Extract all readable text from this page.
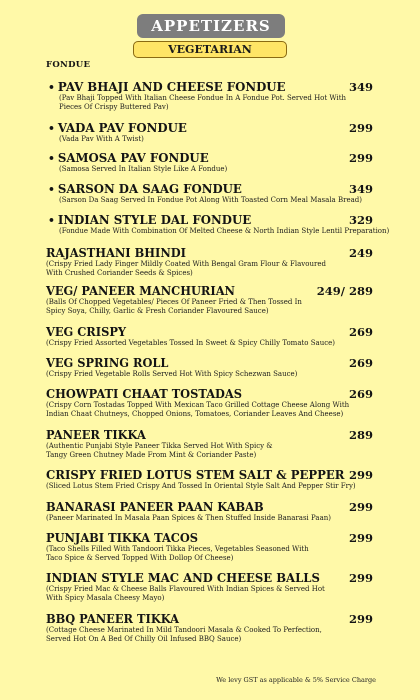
APPETIZERS
VEGETARIAN
FONDUE
• PAV BHAJI AND CHEESE FONDUE	349
(Pav Bhaji Topped With Italian Cheese Fondue In A Fondue Pot. Served Hot With
Pieces Of Crispy Buttered Pav)
• VADA PAV FONDUE	299
(Vada Pav With A Twist)
• SAMOSA PAV FONDUE	299
(Samosa Served In Italian Style Like A Fondue)
• SARSON DA SAAG FONDUE	349
(Sarson Da Saag Served In Fondue Pot Along With Toasted Corn Meal Masala Bread)
• INDIAN STYLE DAL FONDUE	329
(Fondue Made With Combination Of Melted Cheese & North Indian Style Lentil Preparation)
RAJASTHANI BHINDI	249
(Crispy Fried Lady Finger Mildly Coated With Bengal Gram Flour & Flavoured
With Crushed Coriander Seeds & Spices)
VEG/ PANEER MANCHURIAN	249/ 289
(Balls Of Chopped Vegetables/ Pieces Of Paneer Fried & Then Tossed In
Spicy Soya, Chilly, Garlic & Fresh Coriander Flavoured Sauce)
VEG CRISPY	269
(Crispy Fried Assorted Vegetables Tossed In Sweet & Spicy Chilly Tomato Sauce)
VEG SPRING ROLL	269
(Crispy Fried Vegetable Rolls Served Hot With Spicy Schezwan Sauce)
CHOWPATI CHAAT TOSTADAS	269
(Crispy Corn Tostadas Topped With Mexican Taco Grilled Cottage Cheese Along With
Indian Chaat Chutneys, Chopped Onions, Tomatoes, Coriander Leaves And Cheese)
PANEER TIKKA	289
(Authentic Punjabi Style Paneer Tikka Served Hot With Spicy &
Tangy Green Chutney Made From Mint & Coriander Paste)
CRISPY FRIED LOTUS STEM SALT & PEPPER 299
(Sliced Lotus Stem Fried Crispy And Tossed In Oriental Style Salt And Pepper Stir Fry)
BANARASI PANEER PAAN KABAB	299
(Paneer Marinated In Masala Paan Spices & Then Stuffed Inside Banarasi Paan)
PUNJABI TIKKA TACOS	299
(Taco Shells Filled With Tandoori Tikka Pieces, Vegetables Seasoned With
Taco Spice & Served Topped With Dollop Of Cheese)
INDIAN STYLE MAC AND CHEESE BALLS	299
(Crispy Fried Mac & Cheese Balls Flavoured With Indian Spices & Served Hot
With Spicy Masala Cheesy Mayo)
BBQ PANEER TIKKA	299
(Cottage Cheese Marinated In Mild Tandoori Masala & Cooked To Perfection,
Served Hot On A Bed Of Chilly Oil Infused BBQ Sauce)
We levy GST as applicable & 5% Service Charge
